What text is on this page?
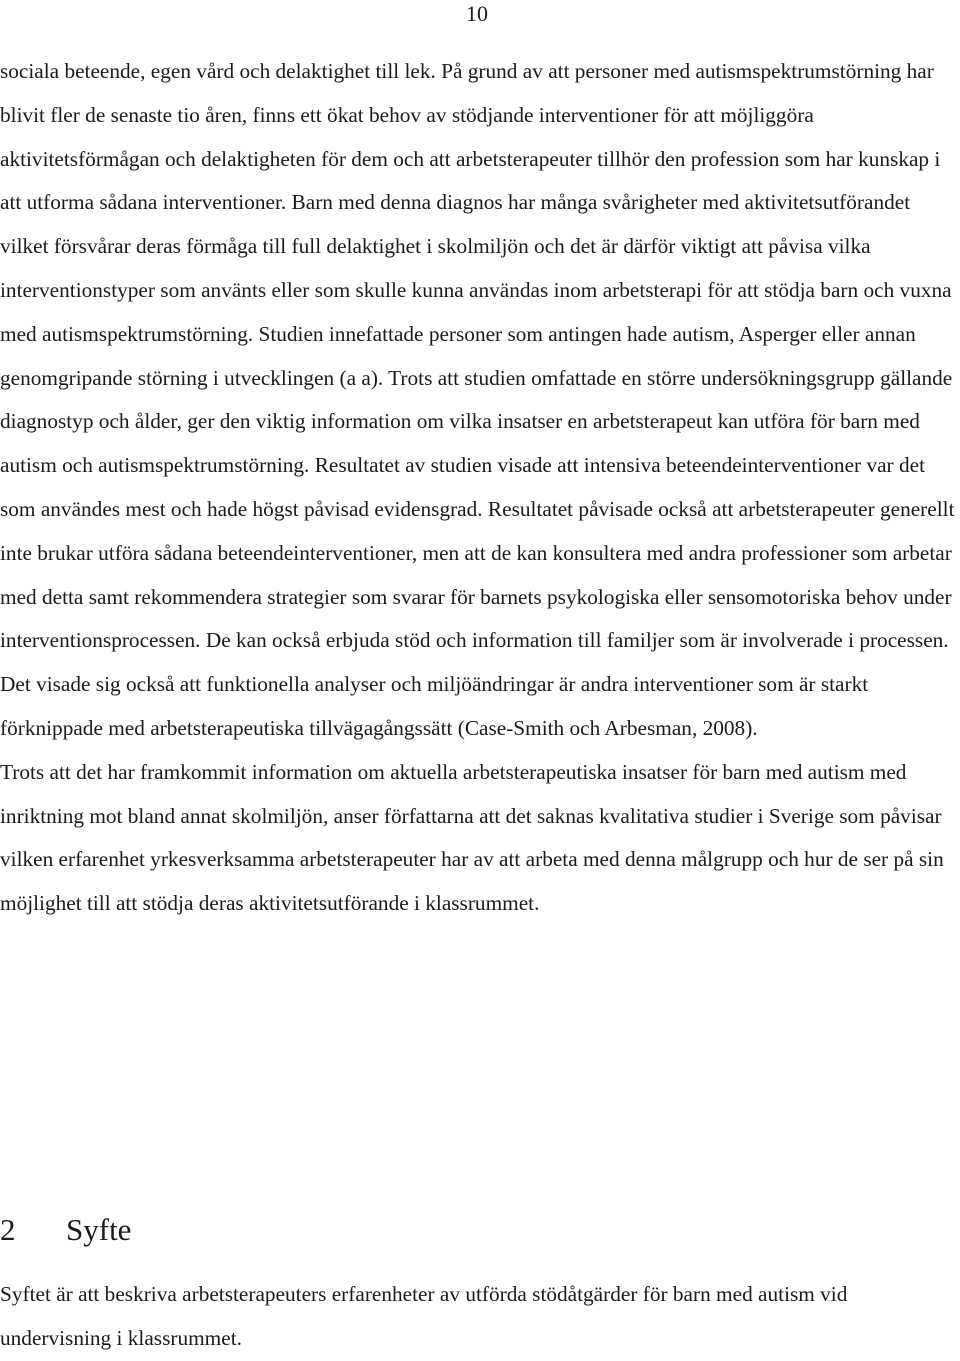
10

sociala beteende, egen vård och delaktighet till lek. På grund av att personer med autismspektrumstörning har blivit fler de senaste tio åren, finns ett ökat behov av stödjande interventioner för att möjliggöra aktivitetsförmågan och delaktigheten för dem och att arbetsterapeuter tillhör den profession som har kunskap i att utforma sådana interventioner. Barn med denna diagnos har många svårigheter med aktivitetsutförandet vilket försvårar deras förmåga till full delaktighet i skolmiljön och det är därför viktigt att påvisa vilka interventionstyper som använts eller som skulle kunna användas inom arbetsterapi för att stödja barn och vuxna med autismspektrumstörning. Studien innefattade personer som antingen hade autism, Asperger eller annan genomgripande störning i utvecklingen (a a). Trots att studien omfattade en större undersökningsgrupp gällande diagnostyp och ålder, ger den viktig information om vilka insatser en arbetsterapeut kan utföra för barn med autism och autismspektrumstörning. Resultatet av studien visade att intensiva beteendeinterventioner var det som användes mest och hade högst påvisad evidensgrad. Resultatet påvisade också att arbetsterapeuter generellt inte brukar utföra sådana beteendeinterventioner, men att de kan konsultera med andra professioner som arbetar med detta samt rekommendera strategier som svarar för barnets psykologiska eller sensomotoriska behov under interventionsprocessen. De kan också erbjuda stöd och information till familjer som är involverade i processen. Det visade sig också att funktionella analyser och miljöändringar är andra interventioner som är starkt förknippade med arbetsterapeutiska tillvägagångssätt (Case-Smith och Arbesman, 2008).

Trots att det har framkommit information om aktuella arbetsterapeutiska insatser för barn med autism med inriktning mot bland annat skolmiljön, anser författarna att det saknas kvalitativa studier i Sverige som påvisar vilken erfarenhet yrkesverksamma arbetsterapeuter har av att arbeta med denna målgrupp och hur de ser på sin möjlighet till att stödja deras aktivitetsutförande i klassrummet.

2 Syfte

Syftet är att beskriva arbetsterapeuters erfarenheter av utförda stödåtgärder för barn med autism vid undervisning i klassrummet.
